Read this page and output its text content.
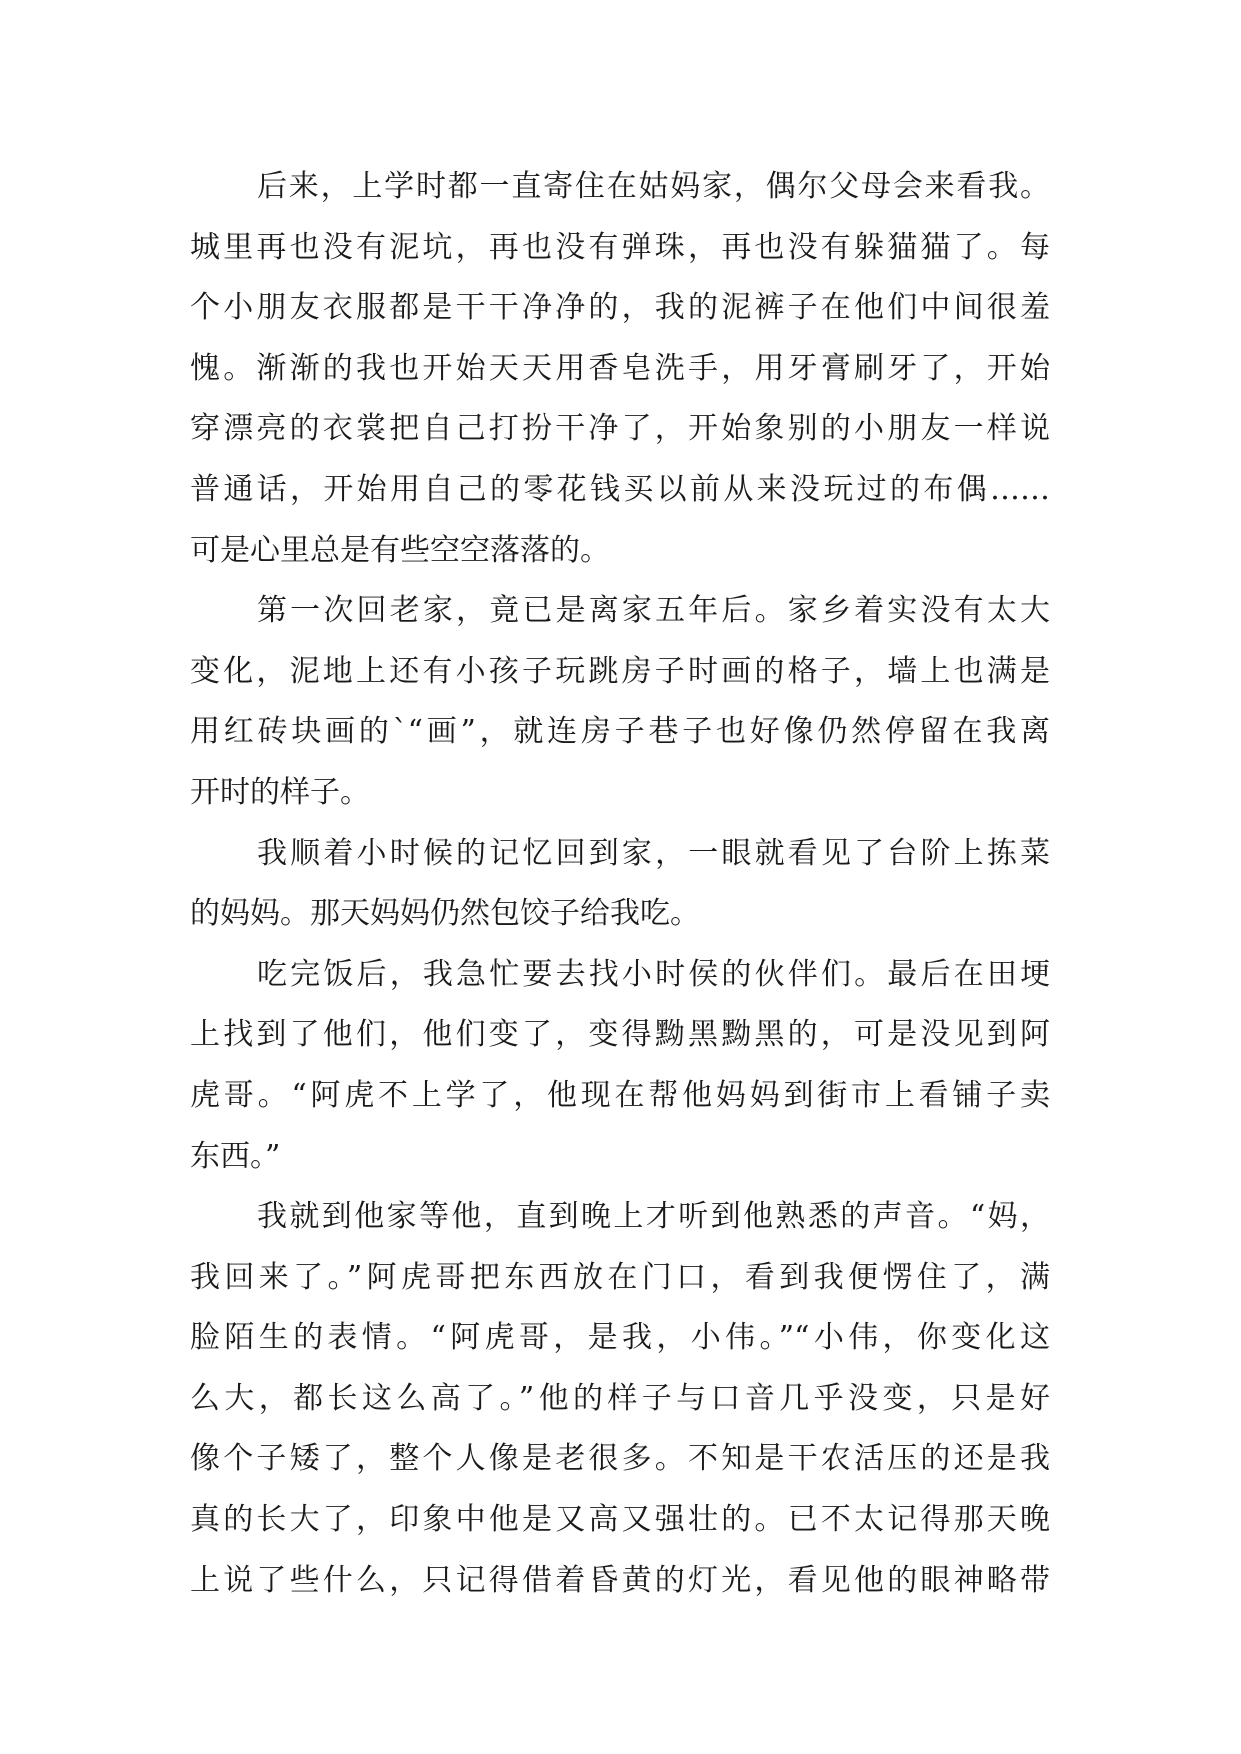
后来，上学时都一直寄住在姑妈家，偶尔父母会来看我。
城里再也没有泥坑，再也没有弹珠，再也没有躲猫猫了。每
个小朋友衣服都是干干净净的，我的泥裤子在他们中间很羞
愧。渐渐的我也开始天天用香皂洗手，用牙膏刷牙了，开始
穿漂亮的衣裳把自己打扮干净了，开始象别的小朋友一样说
普通话，开始用自己的零花钱买以前从来没玩过的布偶……
可是心里总是有些空空落落的。
第一次回老家，竟已是离家五年后。家乡着实没有太大
变化，泥地上还有小孩子玩跳房子时画的格子，墙上也满是
用红砖块画的`“画”，就连房子巷子也好像仍然停留在我离
开时的样子。
我顺着小时候的记忆回到家，一眼就看见了台阶上拣菜
的妈妈。那天妈妈仍然包饺子给我吃。
吃完饭后，我急忙要去找小时侯的伙伴们。最后在田埂
上找到了他们，他们变了，变得黝黑黝黑的，可是没见到阿
虎哥。“阿虎不上学了，他现在帮他妈妈到街市上看铺子卖
东西。”
我就到他家等他，直到晚上才听到他熟悉的声音。“妈，
我回来了。”阿虎哥把东西放在门口，看到我便愣住了，满
脸陌生的表情。“阿虎哥，是我，小伟。”“小伟，你变化这
么大，都长这么高了。”他的样子与口音几乎没变，只是好
像个子矮了，整个人像是老很多。不知是干农活压的还是我
真的长大了，印象中他是又高又强壮的。已不太记得那天晚
上说了些什么，只记得借着昏黄的灯光，看见他的眼神略带
